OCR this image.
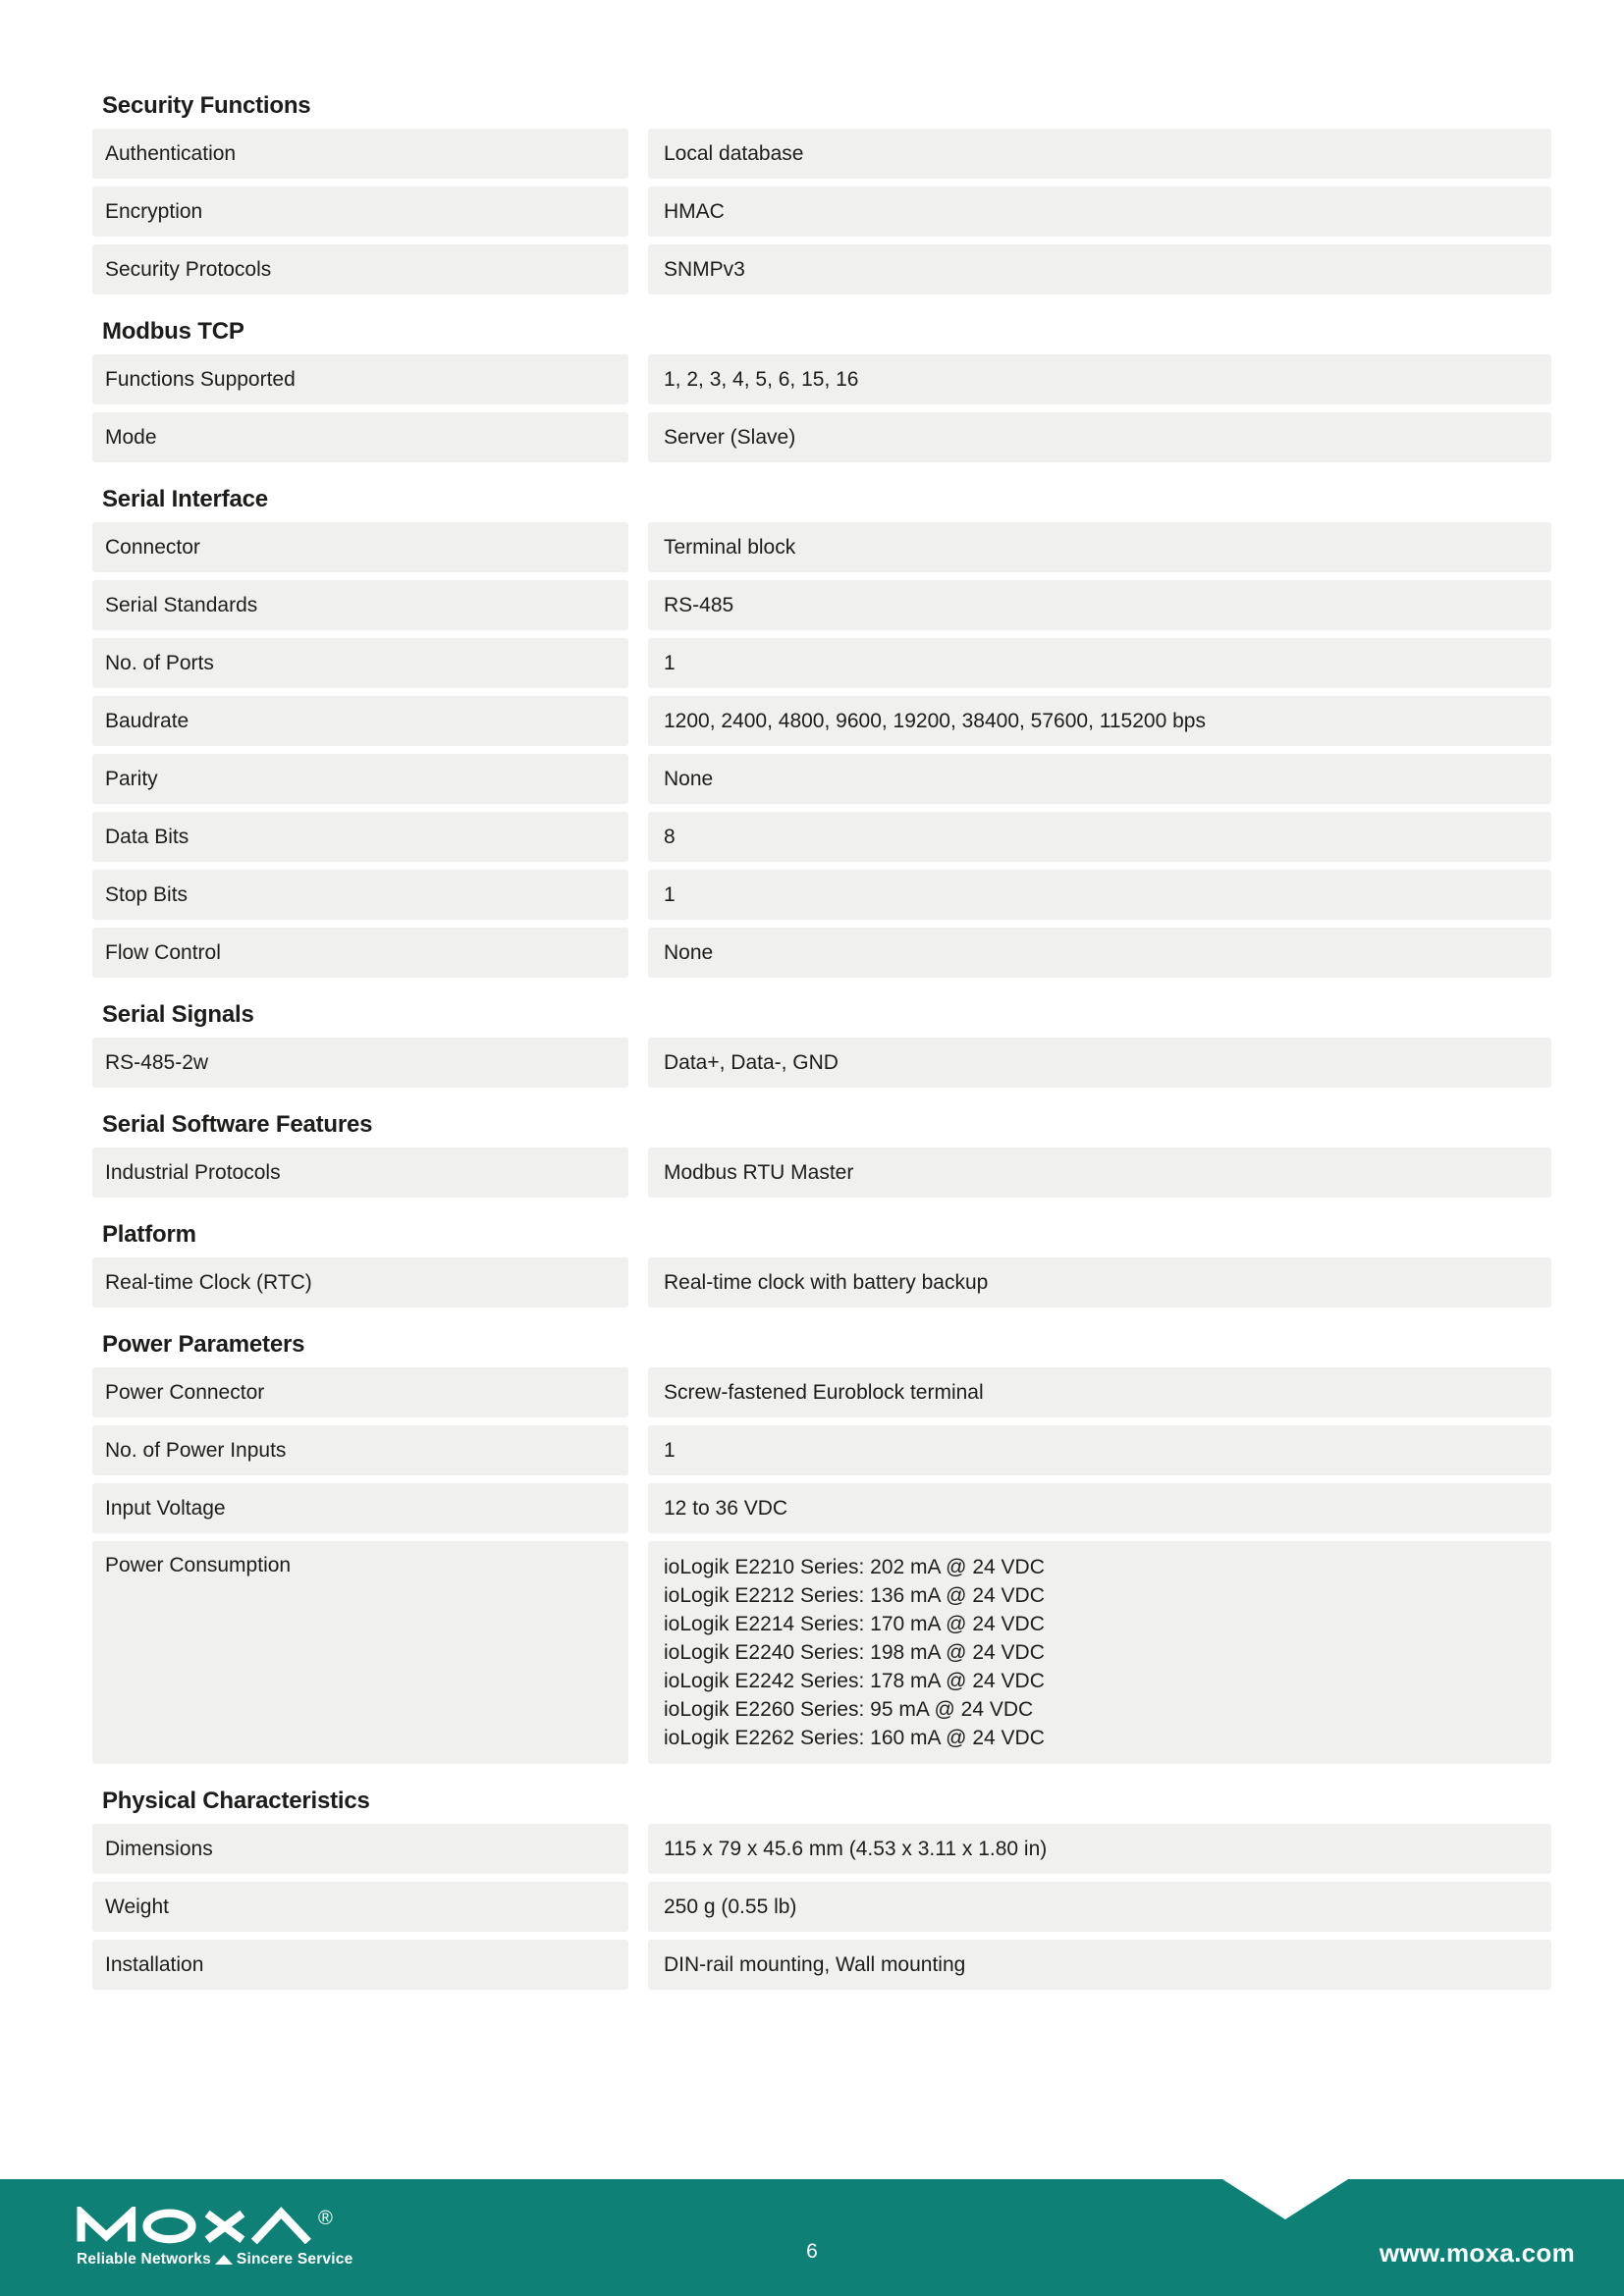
Security Functions
Authentication	Local database
Encryption	HMAC
Security Protocols	SNMPv3
Modbus TCP
Functions Supported	1, 2, 3, 4, 5, 6, 15, 16
Mode	Server (Slave)
Serial Interface
Connector	Terminal block
Serial Standards	RS-485
No. of Ports	1
Baudrate	1200, 2400, 4800, 9600, 19200, 38400, 57600, 115200 bps
Parity	None
Data Bits	8
Stop Bits	1
Flow Control	None
Serial Signals
RS-485-2w	Data+, Data-, GND
Serial Software Features
Industrial Protocols	Modbus RTU Master
Platform
Real-time Clock (RTC)	Real-time clock with battery backup
Power Parameters
Power Connector	Screw-fastened Euroblock terminal
No. of Power Inputs	1
Input Voltage	12 to 36 VDC
Power Consumption	ioLogik E2210 Series: 202 mA @ 24 VDC
ioLogik E2212 Series: 136 mA @ 24 VDC
ioLogik E2214 Series: 170 mA @ 24 VDC
ioLogik E2240 Series: 198 mA @ 24 VDC
ioLogik E2242 Series: 178 mA @ 24 VDC
ioLogik E2260 Series: 95 mA @ 24 VDC
ioLogik E2262 Series: 160 mA @ 24 VDC
Physical Characteristics
Dimensions	115 x 79 x 45.6 mm (4.53 x 3.11 x 1.80 in)
Weight	250 g (0.55 lb)
Installation	DIN-rail mounting, Wall mounting
®
Reliable Networks Sincere Service	6	www.moxa.com
